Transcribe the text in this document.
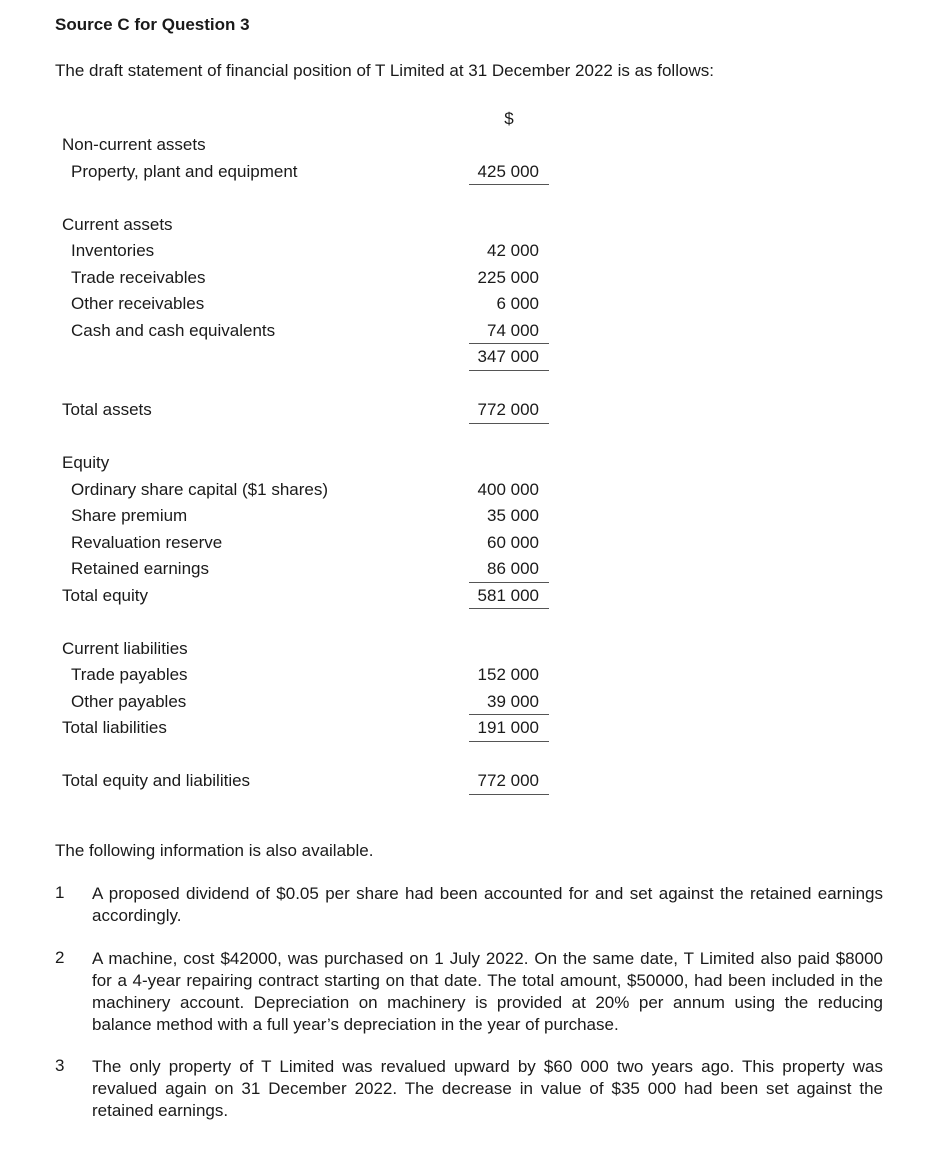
Source C for Question 3
The draft statement of financial position of T Limited at 31 December 2022 is as follows:
$
Non-current assets
Property, plant and equipment	425 000
Current assets
Inventories	42 000
Trade receivables	225 000
Other receivables	6 000
Cash and cash equivalents	74 000
347 000
Total assets	772 000
Equity
Ordinary share capital ($1 shares)	400 000
Share premium	35 000
Revaluation reserve	60 000
Retained earnings	86 000
Total equity	581 000
Current liabilities
Trade payables	152 000
Other payables	39 000
Total liabilities	191 000
Total equity and liabilities	772 000
The following information is also available.
1 A proposed dividend of $0.05 per share had been accounted for and set against the retained earnings accordingly.
2 A machine, cost $42000, was purchased on 1 July 2022. On the same date, T Limited also paid $8000 for a 4-year repairing contract starting on that date. The total amount, $50000, had been included in the machinery account. Depreciation on machinery is provided at 20% per annum using the reducing balance method with a full year’s depreciation in the year of purchase.
3 The only property of T Limited was revalued upward by $60 000 two years ago. This property was revalued again on 31 December 2022. The decrease in value of $35 000 had been set against the retained earnings.
